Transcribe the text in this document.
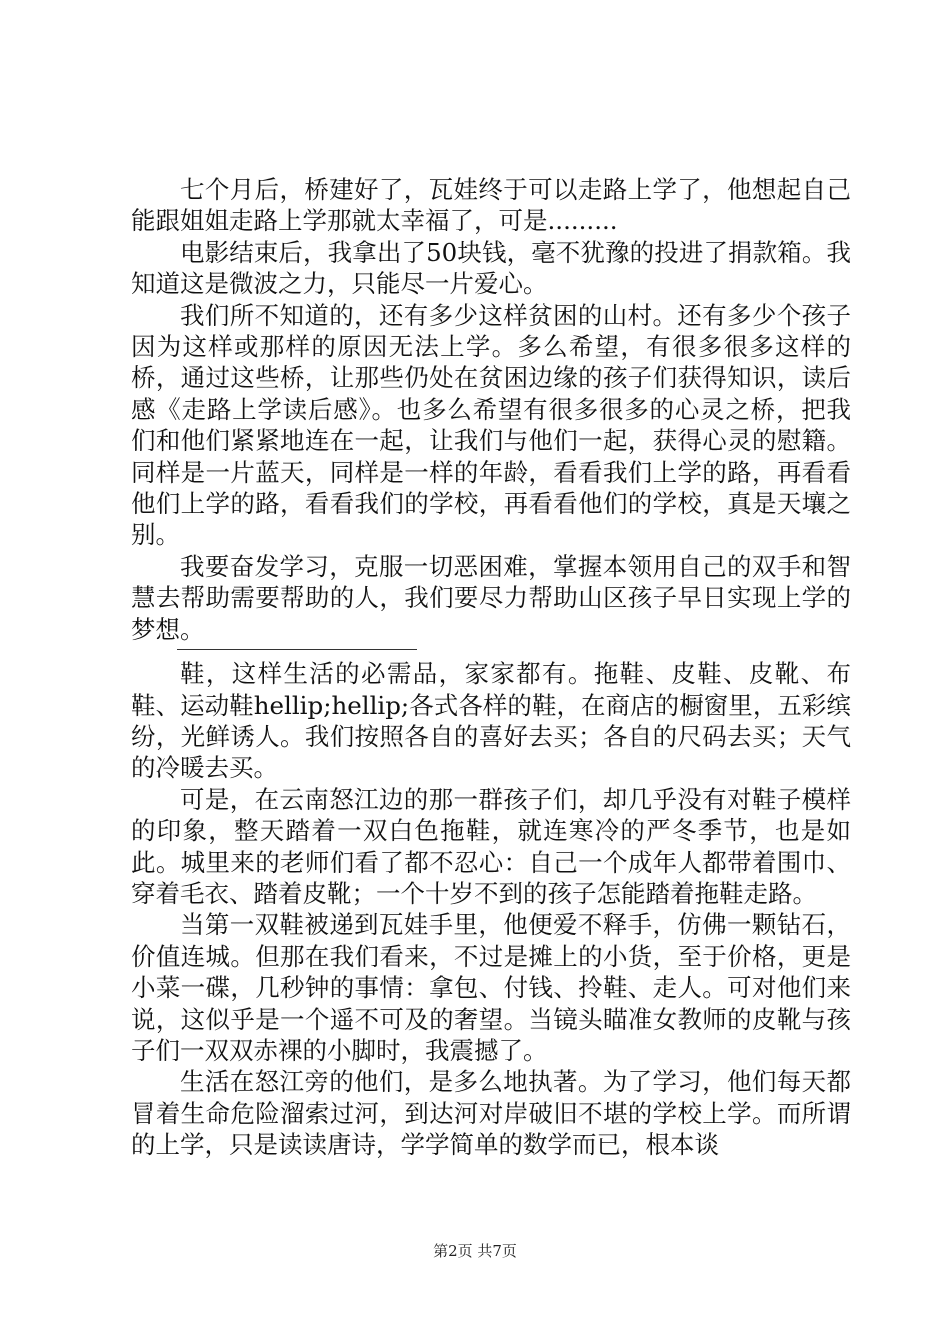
七个月后，桥建好了，瓦娃终于可以走路上学了，他想起自己能跟姐姐走路上学那就太幸福了，可是.........

电影结束后，我拿出了50块钱，毫不犹豫的投进了捐款箱。我知道这是微波之力，只能尽一片爱心。

我们所不知道的，还有多少这样贫困的山村。还有多少个孩子因为这样或那样的原因无法上学。多么希望，有很多很多这样的桥，通过这些桥，让那些仍处在贫困边缘的孩子们获得知识，读后感《走路上学读后感》。也多么希望有很多很多的心灵之桥，把我们和他们紧紧地连在一起，让我们与他们一起，获得心灵的慰籍。同样是一片蓝天，同样是一样的年龄，看看我们上学的路，再看看他们上学的路，看看我们的学校，再看看他们的学校，真是天壤之别。

我要奋发学习，克服一切恶困难，掌握本领用自己的双手和智慧去帮助需要帮助的人，我们要尽力帮助山区孩子早日实现上学的梦想。

鞋，这样生活的必需品，家家都有。拖鞋、皮鞋、皮靴、布鞋、运动鞋hellip;hellip;各式各样的鞋，在商店的橱窗里，五彩缤纷，光鲜诱人。我们按照各自的喜好去买；各自的尺码去买；天气的冷暖去买。

可是，在云南怒江边的那一群孩子们，却几乎没有对鞋子模样的印象，整天踏着一双白色拖鞋，就连寒冷的严冬季节，也是如此。城里来的老师们看了都不忍心：自己一个成年人都带着围巾、穿着毛衣、踏着皮靴；一个十岁不到的孩子怎能踏着拖鞋走路。

当第一双鞋被递到瓦娃手里，他便爱不释手，仿佛一颗钻石，价值连城。但那在我们看来，不过是摊上的小货，至于价格，更是小菜一碟，几秒钟的事情：拿包、付钱、拎鞋、走人。可对他们来说，这似乎是一个遥不可及的奢望。当镜头瞄准女教师的皮靴与孩子们一双双赤裸的小脚时，我震撼了。

生活在怒江旁的他们，是多么地执著。为了学习，他们每天都冒着生命危险溜索过河，到达河对岸破旧不堪的学校上学。而所谓的上学，只是读读唐诗，学学简单的数学而已，根本谈

第2页 共7页
